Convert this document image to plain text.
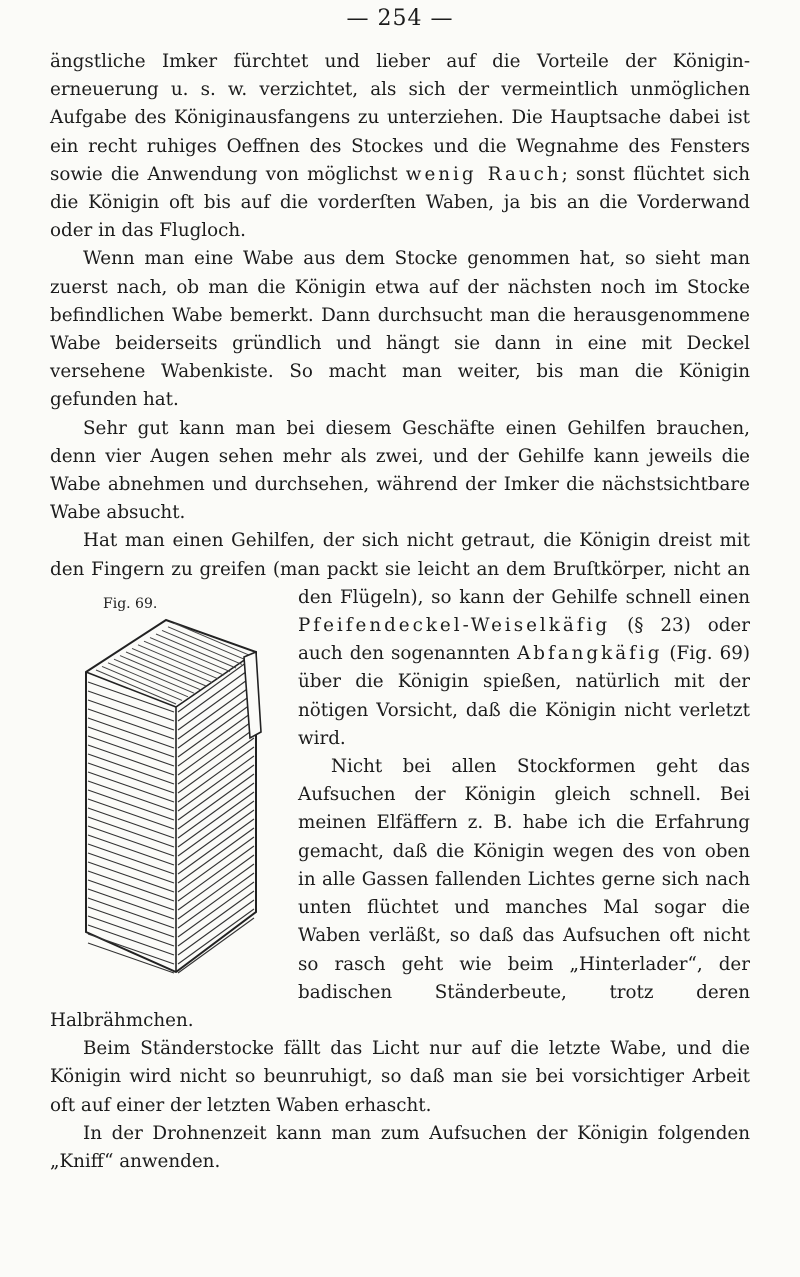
— 254 —

ängstliche Imker fürchtet und lieber auf die Vorteile der Königinerneuerung u. s. w. verzichtet, als sich der vermeintlich unmöglichen Aufgabe des Königinausfangens zu unterziehen. Die Hauptsache dabei ist ein recht ruhiges Oeffnen des Stockes und die Wegnahme des Fensters sowie die Anwendung von möglichst wenig Rauch; sonst flüchtet sich die Königin oft bis auf die vorderſten Waben, ja bis an die Vorderwand oder in das Flugloch.

Wenn man eine Wabe aus dem Stocke genommen hat, so sieht man zuerst nach, ob man die Königin etwa auf der nächsten noch im Stocke befindlichen Wabe bemerkt. Dann durchsucht man die herausgenommene Wabe beiderseits gründlich und hängt sie dann in eine mit Deckel versehene Wabenkiste. So macht man weiter, bis man die Königin gefunden hat.

Sehr gut kann man bei diesem Geschäfte einen Gehilfen brauchen, denn vier Augen sehen mehr als zwei, und der Gehilfe kann jeweils die Wabe abnehmen und durchsehen, während der Imker die nächstsichtbare Wabe absucht.

Hat man einen Gehilfen, der sich nicht getraut, die Königin dreist mit den Fingern zu greifen (man packt sie leicht an dem Bruſtkörper, nicht an den Flügeln), so kann der Gehilfe schnell einen
Fig. 69.
Pfeifendeckel-Weiselkäfig (§ 23) oder auch den sogenannten Abfangkäfig (Fig. 69) über die Königin spießen, natürlich mit der nötigen Vorsicht, daß die Königin nicht verletzt wird.

Nicht bei allen Stockformen geht das Aufsuchen der Königin gleich schnell. Bei meinen Elfäffern z. B. habe ich die Erfahrung gemacht, daß die Königin wegen des von oben in alle Gassen fallenden Lichtes gerne sich nach unten flüchtet und manches Mal sogar die Waben verläßt, so daß das Aufsuchen oft nicht so rasch geht wie beim „Hinterlader“, der badischen Ständerbeute, trotz deren Halbrähmchen.

Beim Ständerstocke fällt das Licht nur auf die letzte Wabe, und die Königin wird nicht so beunruhigt, so daß man sie bei vorsichtiger Arbeit oft auf einer der letzten Waben erhascht.

In der Drohnenzeit kann man zum Aufsuchen der Königin folgenden „Kniff“ anwenden.
